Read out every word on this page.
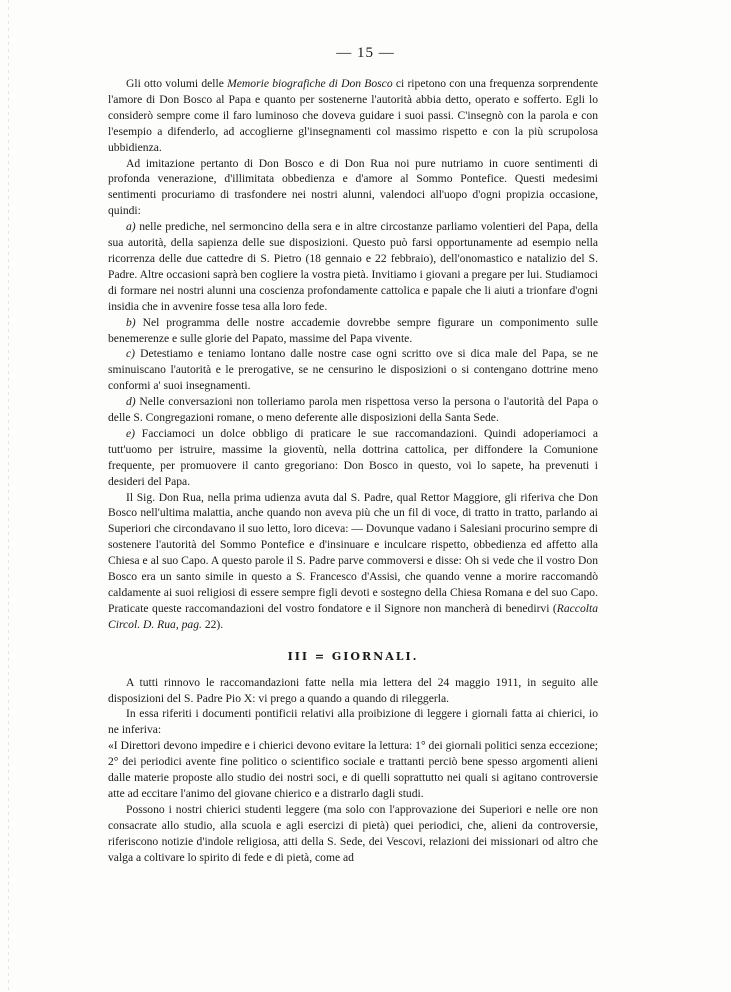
— 15 —

Gli otto volumi delle Memorie biografiche di Don Bosco ci ripetono con una frequenza sorprendente l'amore di Don Bosco al Papa e quanto per sostenerne l'autorità abbia detto, operato e sofferto. Egli lo considerò sempre come il faro luminoso che doveva guidare i suoi passi. C'insegnò con la parola e con l'esempio a difenderlo, ad accoglierne gl'insegnamenti col massimo rispetto e con la più scrupolosa ubbidienza.

Ad imitazione pertanto di Don Bosco e di Don Rua noi pure nutriamo in cuore sentimenti di profonda venerazione, d'illimitata obbedienza e d'amore al Sommo Pontefice. Questi medesimi sentimenti procuriamo di trasfondere nei nostri alunni, valendoci all'uopo d'ogni propizia occasione, quindi:

a) nelle prediche, nel sermoncino della sera e in altre circostanze parliamo volentieri del Papa, della sua autorità, della sapienza delle sue disposizioni. Questo può farsi opportunamente ad esempio nella ricorrenza delle due cattedre di S. Pietro (18 gennaio e 22 febbraio), dell'onomastico e natalizio del S. Padre. Altre occasioni saprà ben cogliere la vostra pietà. Invitiamo i giovani a pregare per lui. Studiamoci di formare nei nostri alunni una coscienza profondamente cattolica e papale che li aiuti a trionfare d'ogni insidia che in avvenire fosse tesa alla loro fede.

b) Nel programma delle nostre accademie dovrebbe sempre figurare un componimento sulle benemerenze e sulle glorie del Papato, massime del Papa vivente.

c) Detestiamo e teniamo lontano dalle nostre case ogni scritto ove si dica male del Papa, se ne sminuiscano l'autorità e le prerogative, se ne censurino le disposizioni o si contengano dottrine meno conformi a' suoi insegnamenti.

d) Nelle conversazioni non tolleriamo parola men rispettosa verso la persona o l'autorità del Papa o delle S. Congregazioni romane, o meno deferente alle disposizioni della Santa Sede.

e) Facciamoci un dolce obbligo di praticare le sue raccomandazioni. Quindi adoperiamoci a tutt'uomo per istruire, massime la gioventù, nella dottrina cattolica, per diffondere la Comunione frequente, per promuovere il canto gregoriano: Don Bosco in questo, voi lo sapete, ha prevenuti i desideri del Papa.

Il Sig. Don Rua, nella prima udienza avuta dal S. Padre, qual Rettor Maggiore, gli riferiva che Don Bosco nell'ultima malattia, anche quando non aveva più che un fil di voce, di tratto in tratto, parlando ai Superiori che circondavano il suo letto, loro diceva: — Dovunque vadano i Salesiani procurino sempre di sostenere l'autorità del Sommo Pontefice e d'insinuare e inculcare rispetto, obbedienza ed affetto alla Chiesa e al suo Capo. A questo parole il S. Padre parve commoversi e disse: Oh si vede che il vostro Don Bosco era un santo simile in questo a S. Francesco d'Assisi, che quando venne a morire raccomandò caldamente ai suoi religiosi di essere sempre figli devoti e sostegno della Chiesa Romana e del suo Capo. Praticate queste raccomandazioni del vostro fondatore e il Signore non mancherà di benedirvi (Raccolta Circol. D. Rua, pag. 22).

III = GIORNALI.

A tutti rinnovo le raccomandazioni fatte nella mia lettera del 24 maggio 1911, in seguito alle disposizioni del S. Padre Pio X: vi prego a quando a quando di rileggerla.

In essa riferiti i documenti pontificii relativi alla proibizione di leggere i giornali fatta ai chierici, io ne inferiva:

«I Direttori devono impedire e i chierici devono evitare la lettura: 1° dei giornali politici senza eccezione; 2° dei periodici avente fine politico o scientifico sociale e trattanti perciò bene spesso argomenti alieni dalle materie proposte allo studio dei nostri soci, e di quelli soprattutto nei quali si agitano controversie atte ad eccitare l'animo del giovane chierico e a distrarlo dagli studi.

Possono i nostri chierici studenti leggere (ma solo con l'approvazione dei Superiori e nelle ore non consacrate allo studio, alla scuola e agli esercizi di pietà) quei periodici, che, alieni da controversie, riferiscono notizie d'indole religiosa, atti della S. Sede, dei Vescovi, relazioni dei missionari od altro che valga a coltivare lo spirito di fede e di pietà, come ad
